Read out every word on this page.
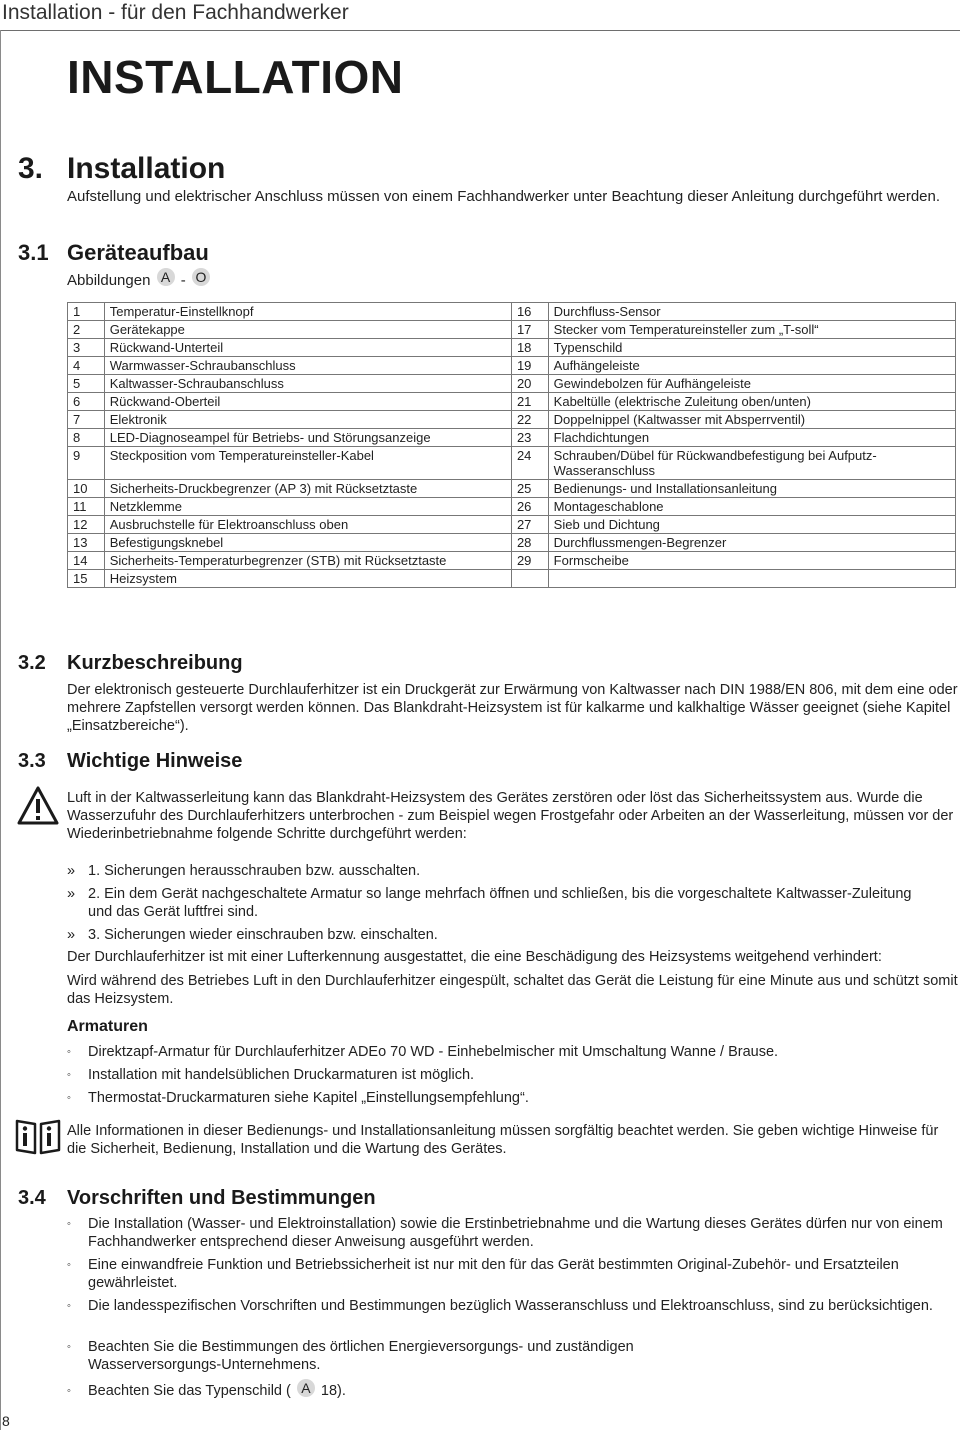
Installation - für den Fachhandwerker
INSTALLATION
3. Installation
Aufstellung und elektrischer Anschluss müssen von einem Fachhandwerker unter Beachtung dieser Anleitung durchgeführt werden.
3.1 Geräteaufbau
Abbildungen A - O
1	Temperatur-Einstellknopf	16	Durchfluss-Sensor
2	Gerätekappe	17	Stecker vom Temperatureinsteller zum „T-soll“
3	Rückwand-Unterteil	18	Typenschild
4	Warmwasser-Schraubanschluss	19	Aufhängeleiste
5	Kaltwasser-Schraubanschluss	20	Gewindebolzen für Aufhängeleiste
6	Rückwand-Oberteil	21	Kabeltülle (elektrische Zuleitung oben/unten)
7	Elektronik	22	Doppelnippel (Kaltwasser mit Absperrventil)
8	LED-Diagnoseampel für Betriebs- und Störungsanzeige	23	Flachdichtungen
9	Steckposition vom Temperatureinsteller-Kabel	24	Schrauben/Dübel für Rückwandbefestigung bei Aufputz-Wasseranschluss
10	Sicherheits-Druckbegrenzer (AP 3) mit Rücksetztaste	25	Bedienungs- und Installationsanleitung
11	Netzklemme	26	Montageschablone
12	Ausbruchstelle für Elektroanschluss oben	27	Sieb und Dichtung
13	Befestigungsknebel	28	Durchflussmengen-Begrenzer
14	Sicherheits-Temperaturbegrenzer (STB) mit Rücksetztaste	29	Formscheibe
15	Heizsystem		
3.2 Kurzbeschreibung
Der elektronisch gesteuerte Durchlauferhitzer ist ein Druckgerät zur Erwärmung von Kaltwasser nach DIN 1988/EN 806, mit dem eine oder mehrere Zapfstellen versorgt werden können. Das Blankdraht-Heizsystem ist für kalkarme und kalkhaltige Wässer geeignet (siehe Kapitel „Einsatzbereiche“).
3.3 Wichtige Hinweise
Luft in der Kaltwasserleitung kann das Blankdraht-Heizsystem des Gerätes zerstören oder löst das Sicherheitssystem aus. Wurde die Wasserzufuhr des Durchlauferhitzers unterbrochen - zum Beispiel wegen Frostgefahr oder Arbeiten an der Wasserleitung, müssen vor der Wiederinbetriebnahme folgende Schritte durchgeführt werden:
» 1. Sicherungen herausschrauben bzw. ausschalten.
» 2. Ein dem Gerät nachgeschaltete Armatur so lange mehrfach öffnen und schließen, bis die vorgeschaltete Kaltwasser-Zuleitung und das Gerät luftfrei sind.
» 3. Sicherungen wieder einschrauben bzw. einschalten.
Der Durchlauferhitzer ist mit einer Lufterkennung ausgestattet, die eine Beschädigung des Heizsystems weitgehend verhindert:
Wird während des Betriebes Luft in den Durchlauferhitzer eingespült, schaltet das Gerät die Leistung für eine Minute aus und schützt somit das Heizsystem.
Armaturen
◦ Direktzapf-Armatur für Durchlauferhitzer ADEo 70 WD - Einhebelmischer mit Umschaltung Wanne / Brause.
◦ Installation mit handelsüblichen Druckarmaturen ist möglich.
◦ Thermostat-Druckarmaturen siehe Kapitel „Einstellungsempfehlung“.
Alle Informationen in dieser Bedienungs- und Installationsanleitung müssen sorgfältig beachtet werden. Sie geben wichtige Hinweise für die Sicherheit, Bedienung, Installation und die Wartung des Gerätes.
3.4 Vorschriften und Bestimmungen
◦ Die Installation (Wasser- und Elektroinstallation) sowie die Erstinbetriebnahme und die Wartung dieses Gerätes dürfen nur von einem Fachhandwerker entsprechend dieser Anweisung ausgeführt werden.
◦ Eine einwandfreie Funktion und Betriebssicherheit ist nur mit den für das Gerät bestimmten Original-Zubehör- und Ersatzteilen gewährleistet.
◦ Die landesspezifischen Vorschriften und Bestimmungen bezüglich Wasseranschluss und Elektroanschluss, sind zu berücksichtigen.
◦ Beachten Sie die Bestimmungen des örtlichen Energieversorgungs- und zuständigen Wasserversorgungs-Unternehmens.
◦ Beachten Sie das Typenschild ( A 18).
8
